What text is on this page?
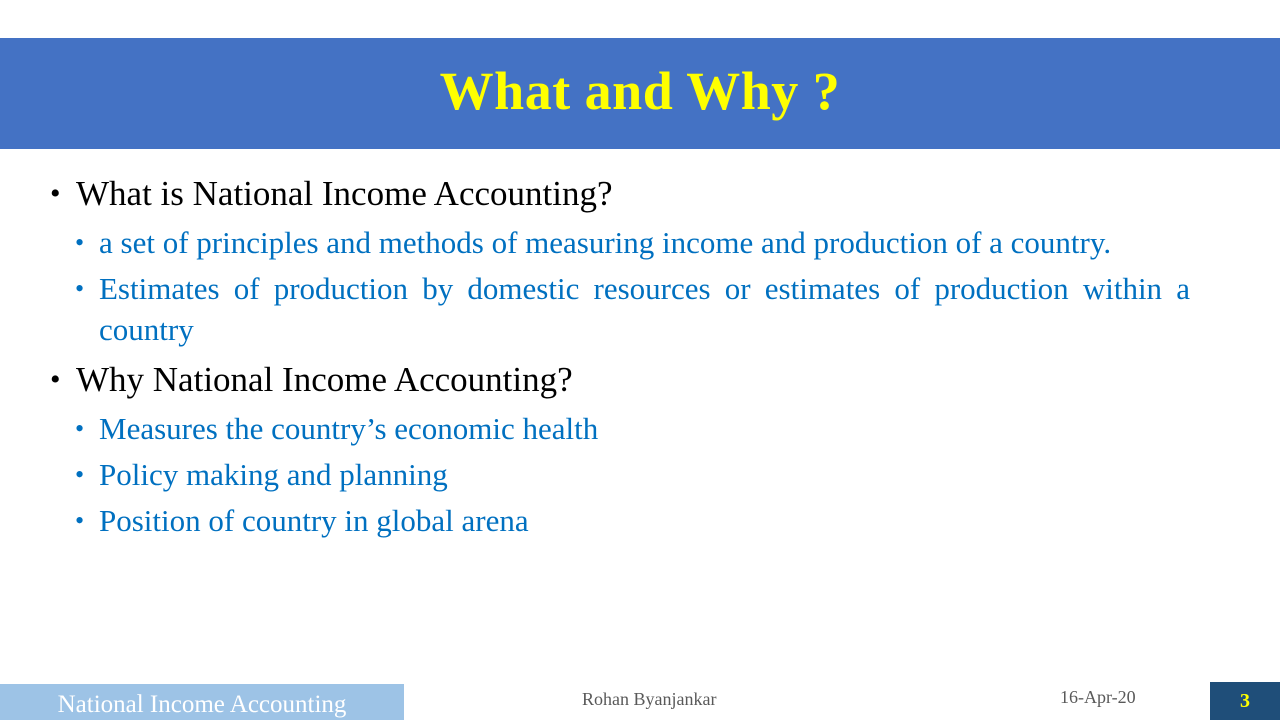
What and Why ?
• What is National Income Accounting?
• a set of principles and methods of measuring income and production of a country.
• Estimates of production by domestic resources or estimates of production within a country
• Why National Income Accounting?
• Measures the country’s economic health
• Policy making and planning
• Position of country in global arena
National Income Accounting	Rohan Byanjankar	16-Apr-20	3
